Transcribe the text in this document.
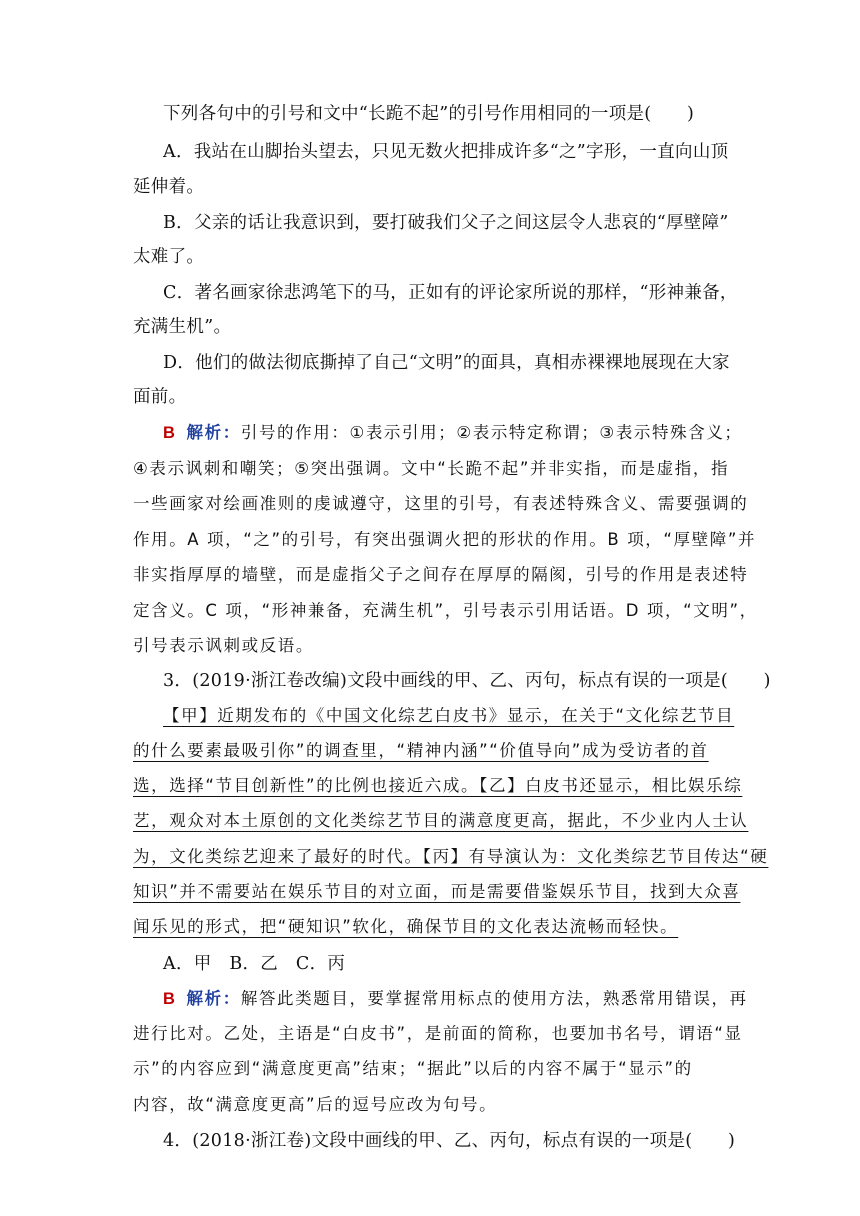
下列各句中的引号和文中“长跪不起”的引号作用相同的一项是(　　)
A．我站在山脚抬头望去，只见无数火把排成许多“之”字形，一直向山顶
延伸着。
B．父亲的话让我意识到，要打破我们父子之间这层令人悲哀的“厚壁障”
太难了。
C．著名画家徐悲鸿笔下的马，正如有的评论家所说的那样，“形神兼备，
充满生机”。
D．他们的做法彻底撕掉了自己“文明”的面具，真相赤裸裸地展现在大家
面前。
B 解析：引号的作用：①表示引用；②表示特定称谓；③表示特殊含义；
④表示讽刺和嘲笑；⑤突出强调。文中“长跪不起”并非实指，而是虚指，指
一些画家对绘画准则的虔诚遵守，这里的引号，有表述特殊含义、需要强调的
作用。A 项，“之”的引号，有突出强调火把的形状的作用。B 项，“厚壁障”并
非实指厚厚的墙壁，而是虚指父子之间存在厚厚的隔阂，引号的作用是表述特
定含义。C 项，“形神兼备，充满生机”，引号表示引用话语。D 项，“文明”，
引号表示讽刺或反语。
3．(2019·浙江卷改编)文段中画线的甲、乙、丙句，标点有误的一项是(　　)
【甲】近期发布的《中国文化综艺白皮书》显示，在关于“文化综艺节目
的什么要素最吸引你”的调查里，“精神内涵”“价值导向”成为受访者的首
选，选择“节目创新性”的比例也接近六成。【乙】白皮书还显示，相比娱乐综
艺，观众对本土原创的文化类综艺节目的满意度更高，据此，不少业内人士认
为，文化类综艺迎来了最好的时代。【丙】有导演认为：文化类综艺节目传达“硬
知识”并不需要站在娱乐节目的对立面，而是需要借鉴娱乐节目，找到大众喜
闻乐见的形式，把“硬知识”软化，确保节目的文化表达流畅而轻快。
A．甲　B．乙　C．丙
B 解析：解答此类题目，要掌握常用标点的使用方法，熟悉常用错误，再
进行比对。乙处，主语是“白皮书”，是前面的简称，也要加书名号，谓语“显
示”的内容应到“满意度更高”结束；“据此”以后的内容不属于“显示”的
内容，故“满意度更高”后的逗号应改为句号。
4．(2018·浙江卷)文段中画线的甲、乙、丙句，标点有误的一项是(　　)
